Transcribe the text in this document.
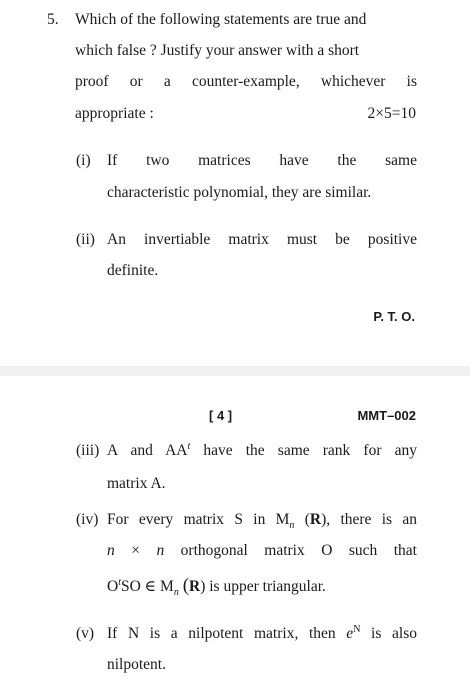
5. Which of the following statements are true and
which false ? Justify your answer with a short
proof or a counter-example, whichever is
appropriate :	2×5=10
(i) If two matrices have the same
characteristic polynomial, they are similar.
(ii) An invertiable matrix must be positive
definite.
P. T. O.
[ 4 ]	MMT–002
(iii) A and $AA^t$ have the same rank for any
matrix A.
(iv) For every matrix S in $M_n$ (R), there is an
n × n orthogonal matrix O such that
$O^tSO$ ∈ $M_n$ (R) is upper triangular.
(v) If N is a nilpotent matrix, then $e^N$ is also
nilpotent.
